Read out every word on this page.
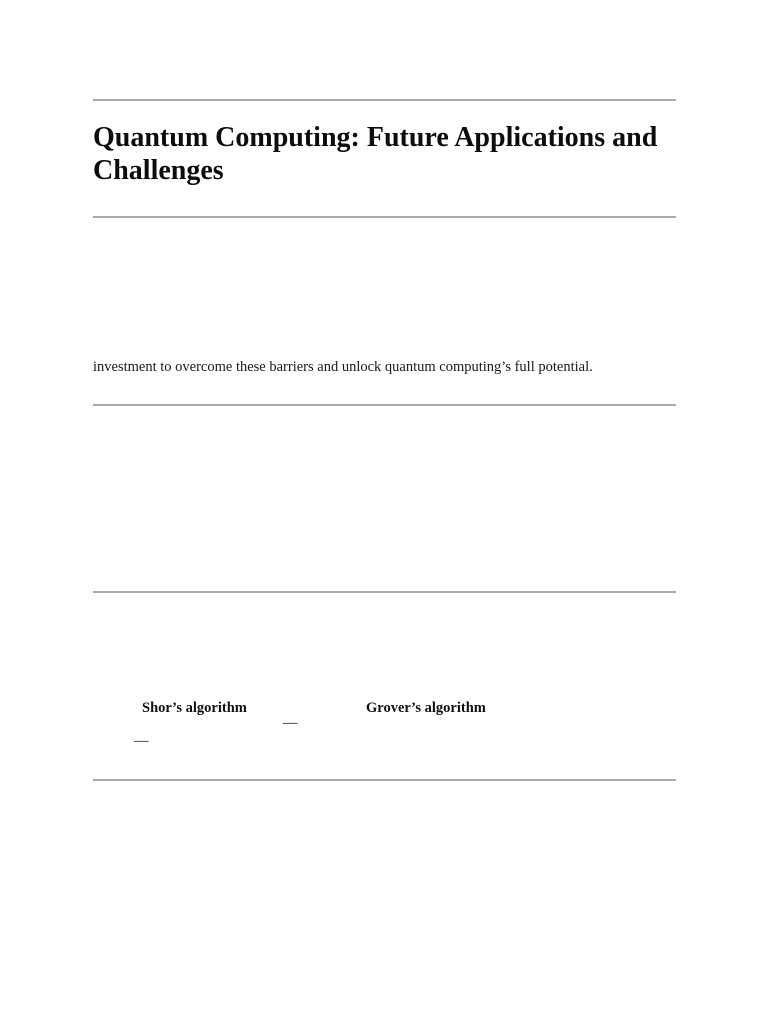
Quantum Computing: Future Applications and Challenges

investment to overcome these barriers and unlock quantum computing’s full potential.

Shor’s algorithm

—

Grover’s algorithm

—
